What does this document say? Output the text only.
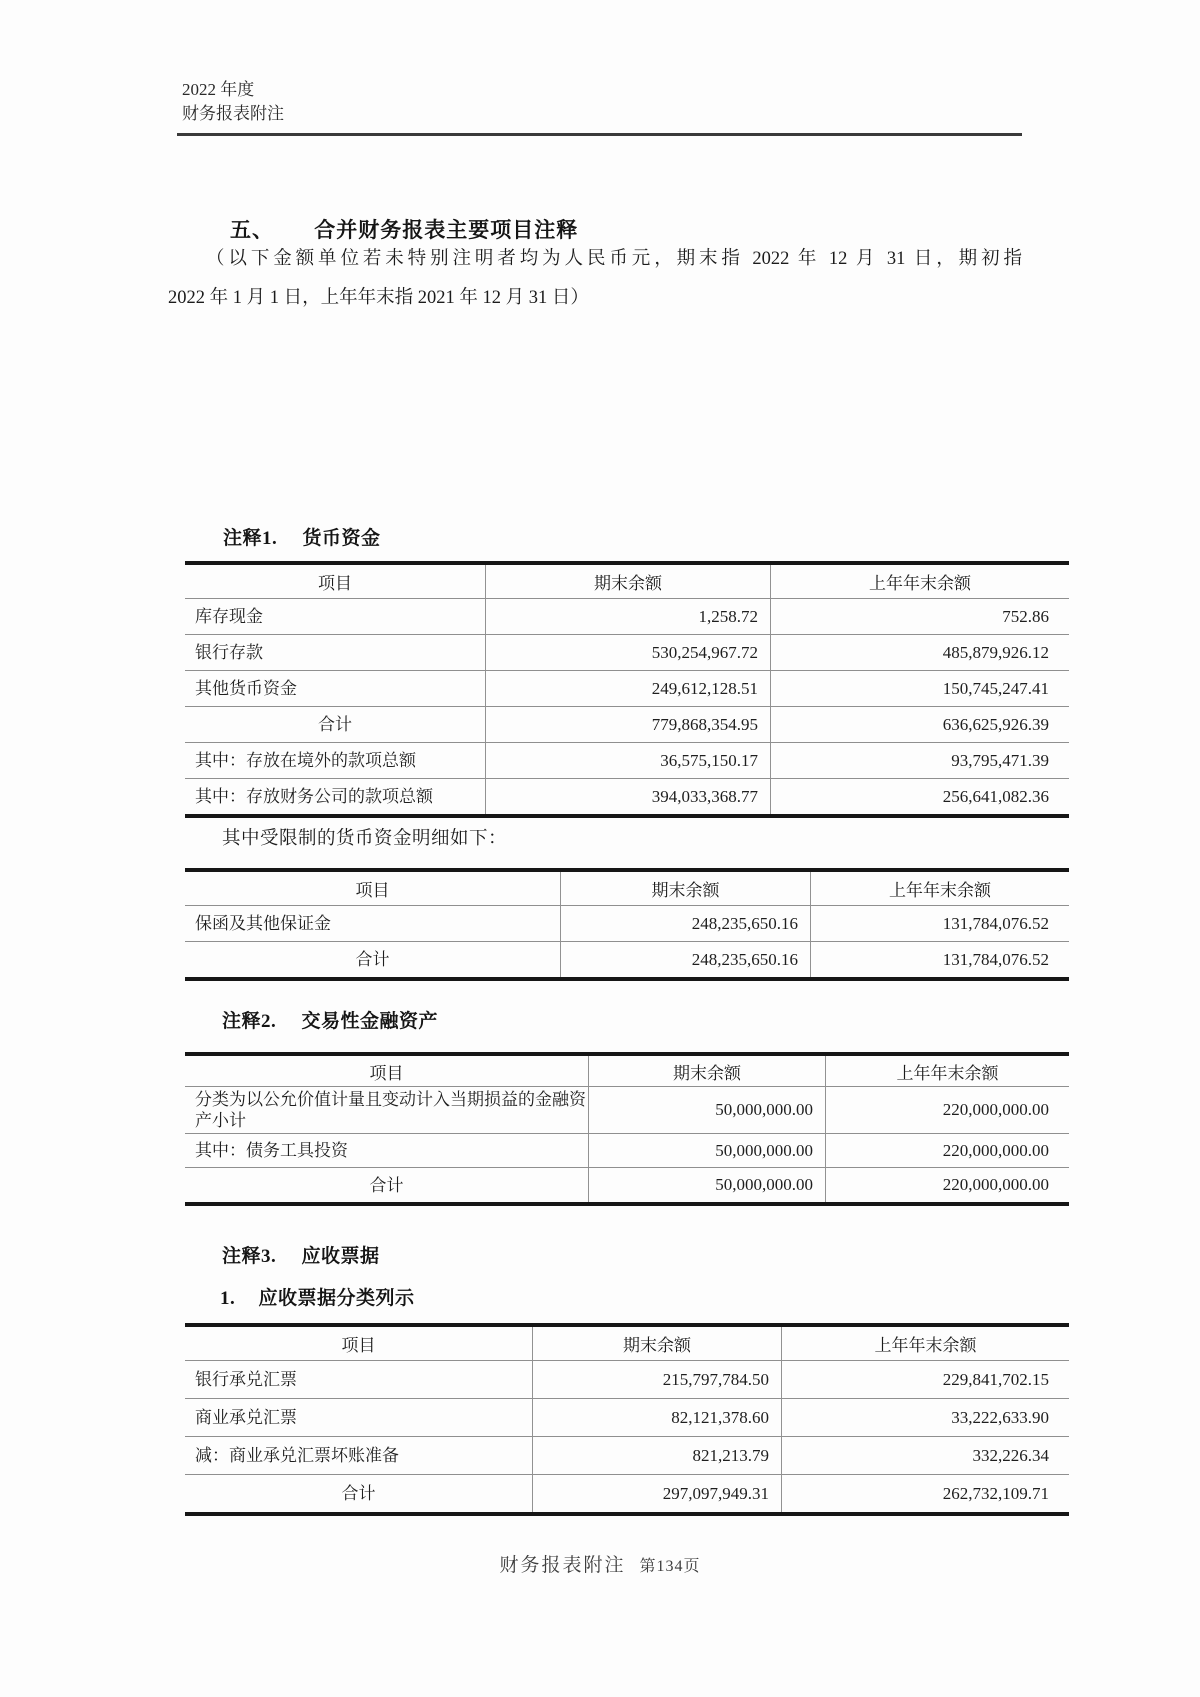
2022 年度
财务报表附注
五、 合并财务报表主要项目注释
（以下金额单位若未特别注明者均为人民币元，期末指 2022 年 12 月 31 日，期初指
2022 年 1 月 1 日，上年年末指 2021 年 12 月 31 日）
注释1. 货币资金
项目	期末余额	上年年末余额
库存现金	1,258.72	752.86
银行存款	530,254,967.72	485,879,926.12
其他货币资金	249,612,128.51	150,745,247.41
合计	779,868,354.95	636,625,926.39
其中：存放在境外的款项总额	36,575,150.17	93,795,471.39
其中：存放财务公司的款项总额	394,033,368.77	256,641,082.36
其中受限制的货币资金明细如下：
项目	期末余额	上年年末余额
保函及其他保证金	248,235,650.16	131,784,076.52
合计	248,235,650.16	131,784,076.52
注释2. 交易性金融资产
项目	期末余额	上年年末余额
分类为以公允价值计量且变动计入当期损益的金融资产小计
50,000,000.00	220,000,000.00
其中：债务工具投资	50,000,000.00	220,000,000.00
合计	50,000,000.00	220,000,000.00
注释3. 应收票据
1. 应收票据分类列示
项目	期末余额	上年年末余额
银行承兑汇票	215,797,784.50	229,841,702.15
商业承兑汇票	82,121,378.60	33,222,633.90
减：商业承兑汇票坏账准备	821,213.79	332,226.34
合计	297,097,949.31	262,732,109.71
财务报表附注 第134页
